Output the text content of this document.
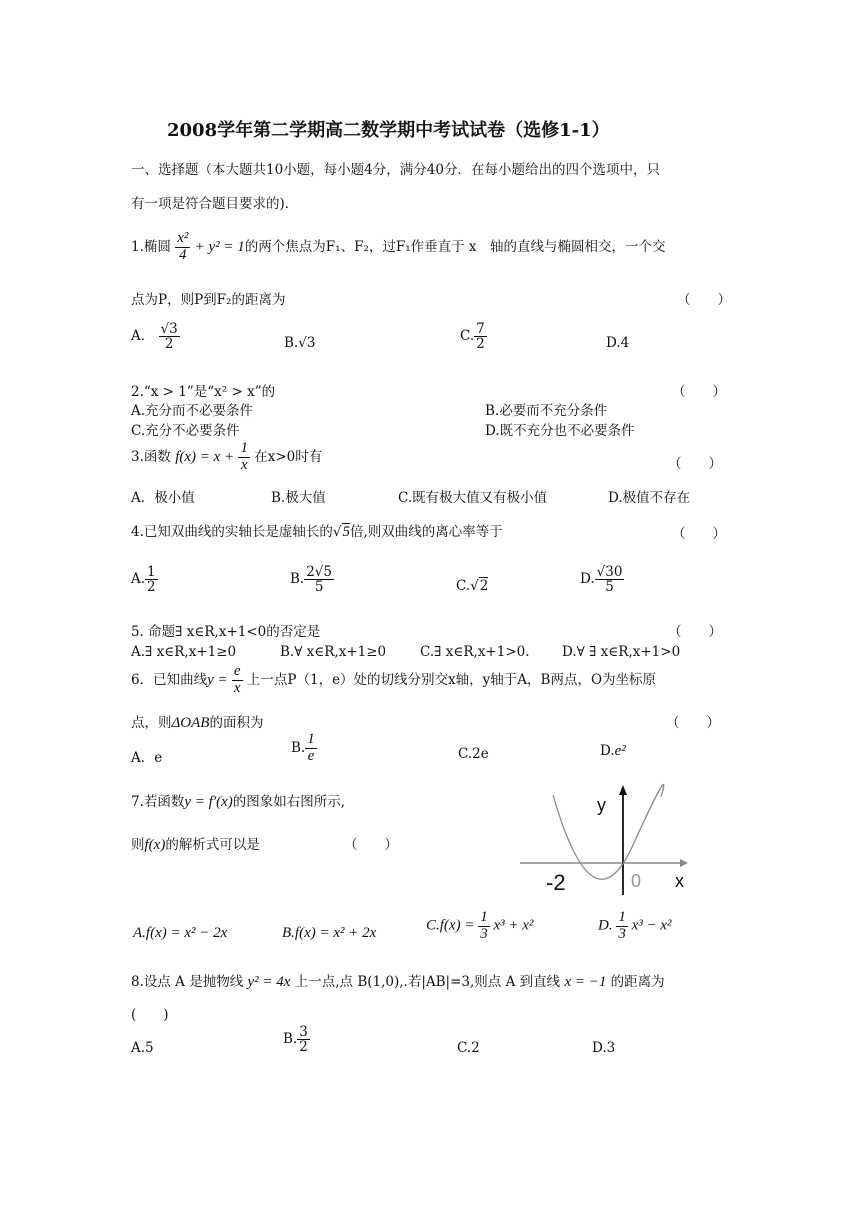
2008学年第二学期高二数学期中考试试卷（选修1-1）
一、选择题（本大题共10小题，每小题4分，满分40分．在每小题给出的四个选项中，只
有一项是符合题目要求的)．
1.椭圆 $\frac{\text{x²}}{4} + y^2 = 1$的两个焦点为F₁、F₂，过F₁作垂直于 x　轴的直线与椭圆相交，一个交
点为P，则P到F₂的距离为	（　　）
A． $\frac{√3}{2}$	B.√3	C. $\frac{7}{2}$	D.4
2.“x > 1”是“x² > x”的	（　　）
A.充分而不必要条件	B.必要而不充分条件
C.充分不必要条件	D.既不充分也不必要条件
3.函数 $f(x) = x + \frac{1}{x}$ 在x>0时有	（　　）
A．极小值	B.极大值	C.既有极大值又有极小值	D.极值不存在
4.已知双曲线的实轴长是虚轴长的√5倍,则双曲线的离心率等于	（　　）
A. $\frac{1}{2}$	B. $\frac{2√5}{5}$	C.√2	D. $\frac{√30}{5}$
5. 命题∃ x∈R,x+1<0的否定是	（　　）
A.∃ x∈R,x+1≥0	B.∀ x∈R,x+1≥0	C.∃ x∈R,x+1>0. D.∀ ∃ x∈R,x+1>0
6．已知曲线$y = \frac{e}{x}$ 上一点P（1，e）处的切线分别交x轴，y轴于A，B两点，O为坐标原
点，则ΔOAB的面积为	（　　）
A．e
B. $\frac{1}{e}$	C.2e	D.e²
7.若函数y = f′(x)的图象如右图所示,
则f(x)的解析式可以是	（　　）
y
x
-2	0
A.f(x) = x² − 2x	B.f(x) = x² + 2x	$C.f(x) = \frac{1}{3} x^3 + x^2$	D. $\frac{1}{3} x^3 - x^2$
8.设点 A 是抛物线 y² = 4x 上一点,点 B(1,0),.若|AB|=3,则点 A 到直线 x = −1 的距离为
(　　)
A.5
B. $\frac{3}{2}$	C.2	D.3
